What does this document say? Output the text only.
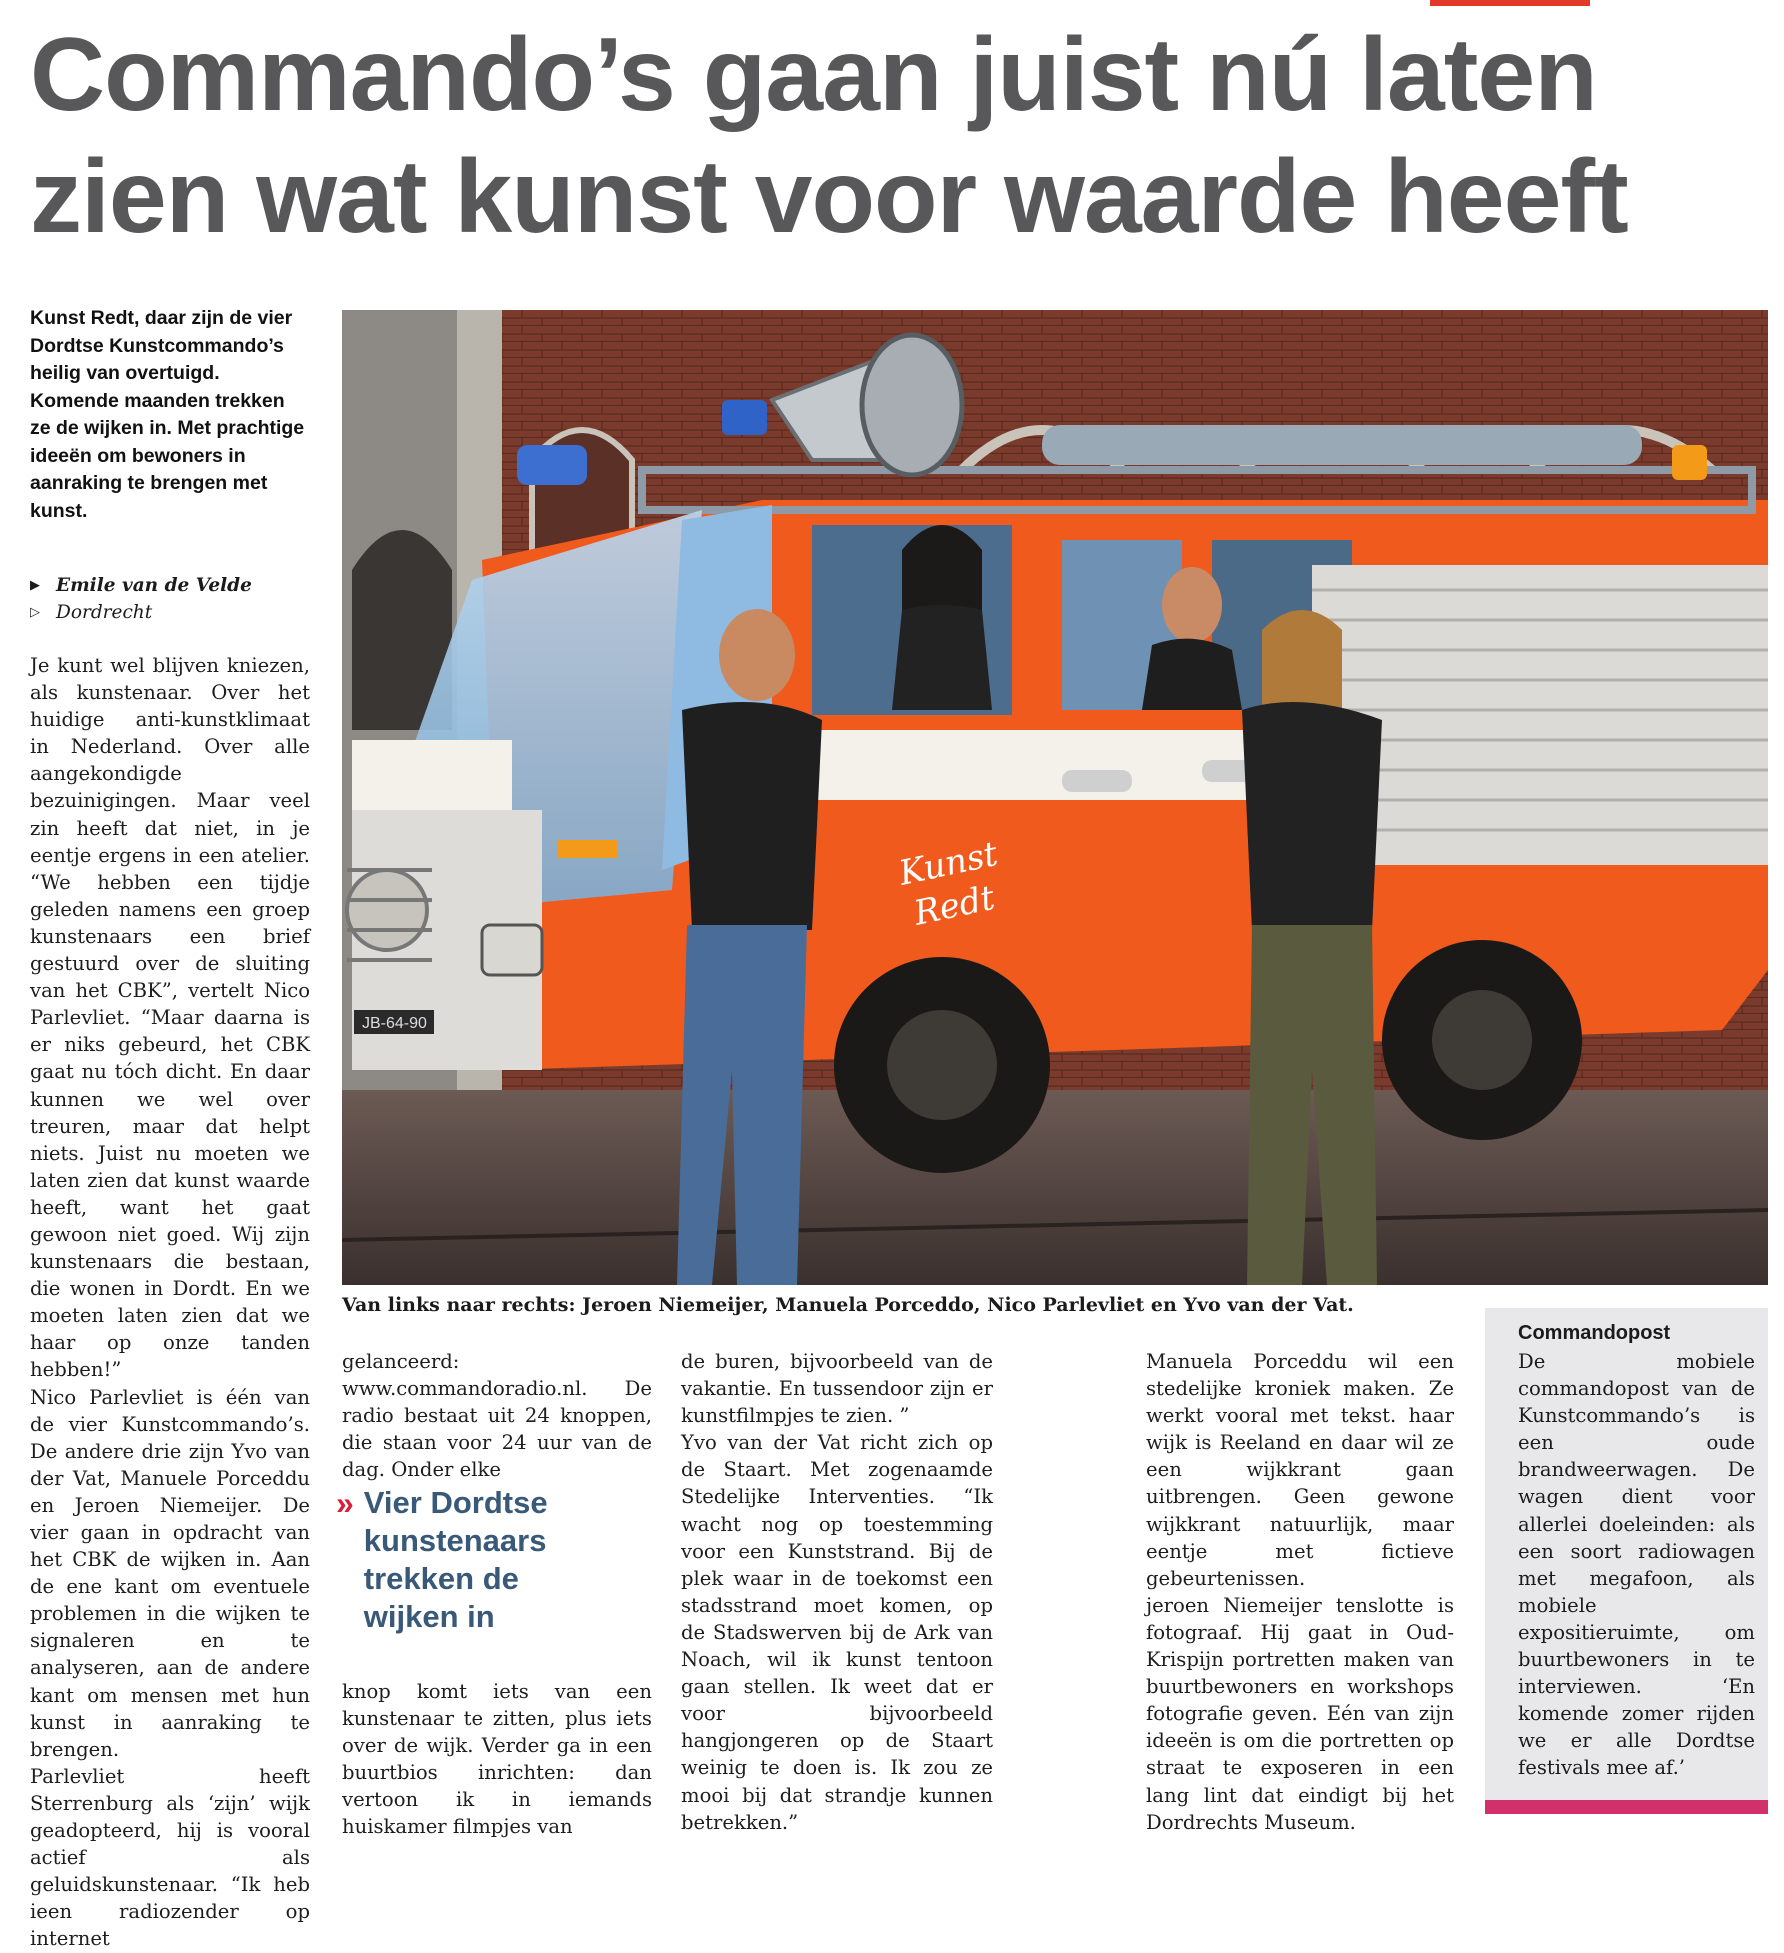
Commando’s gaan juist nú laten zien wat kunst voor waarde heeft

Kunst Redt, daar zijn de vier Dordtse Kunstcommando’s heilig van overtuigd. Komende maanden trekken ze de wijken in. Met prachtige ideeën om bewoners in aanraking te brengen met kunst.

▶ Emile van de Velde
▷ Dordrecht

Je kunt wel blijven kniezen, als kunstenaar. Over het huidige anti-kunstklimaat in Nederland. Over alle aangekondigde bezuinigingen. Maar veel zin heeft dat niet, in je eentje ergens in een atelier. “We hebben een tijdje geleden namens een groep kunstenaars een brief gestuurd over de sluiting van het CBK”, vertelt Nico Parlevliet. “Maar daarna is er niks gebeurd, het CBK gaat nu tóch dicht. En daar kunnen we wel over treuren, maar dat helpt niets. Juist nu moeten we laten zien dat kunst waarde heeft, want het gaat gewoon niet goed. Wij zijn kunstenaars die bestaan, die wonen in Dordt. En we moeten laten zien dat we haar op onze tanden hebben!”

Nico Parlevliet is één van de vier Kunstcommando’s. De andere drie zijn Yvo van der Vat, Manuele Porceddu en Jeroen Niemeijer. De vier gaan in opdracht van het CBK de wijken in. Aan de ene kant om eventuele problemen in die wijken te signaleren en te analyseren, aan de andere kant om mensen met hun kunst in aanraking te brengen.

Parlevliet heeft Sterrenburg als ‘zijn’ wijk geadopteerd, hij is vooral actief als geluidskunstenaar. “Ik heb ieen radiozender op internet

JB-64-90
Kunst
Redt

Van links naar rechts: Jeroen Niemeijer, Manuela Porceddo, Nico Parlevliet en Yvo van der Vat.

gelanceerd: www.commandoradio.nl. De radio bestaat uit 24 knoppen, die staan voor 24 uur van de dag. Onder elke

» Vier Dordtse kunstenaars trekken de wijken in

knop komt iets van een kunstenaar te zitten, plus iets over de wijk. Verder ga in een buurtbios inrichten: dan vertoon ik in iemands huiskamer filmpjes van

de buren, bijvoorbeeld van de vakantie. En tussendoor zijn er kunstfilmpjes te zien. ”

Yvo van der Vat richt zich op de Staart. Met zogenaamde Stedelijke Interventies. “Ik wacht nog op toestemming voor een Kunststrand. Bij de plek waar in de toekomst een stadsstrand moet komen, op de Stadswerven bij de Ark van Noach, wil ik kunst tentoon gaan stellen. Ik weet dat er voor bijvoorbeeld hangjongeren op de Staart weinig te doen is. Ik zou ze mooi bij dat strandje kunnen betrekken.”

Manuela Porceddu wil een stedelijke kroniek maken. Ze werkt vooral met tekst. haar wijk is Reeland en daar wil ze een wijkkrant gaan uitbrengen. Geen gewone wijkkrant natuurlijk, maar eentje met fictieve gebeurtenissen.

jeroen Niemeijer tenslotte is fotograaf. Hij gaat in Oud-Krispijn portretten maken van buurtbewoners en workshops fotografie geven. Eén van zijn ideeën is om die portretten op straat te exposeren in een lang lint dat eindigt bij het Dordrechts Museum.

Commandopost

De mobiele commandopost van de Kunstcommando’s is een oude brandweerwagen. De wagen dient voor allerlei doeleinden: als een soort radiowagen met megafoon, als mobiele expositieruimte, om buurtbewoners in te interviewen. ‘En komende zomer rijden we er alle Dordtse festivals mee af.’
